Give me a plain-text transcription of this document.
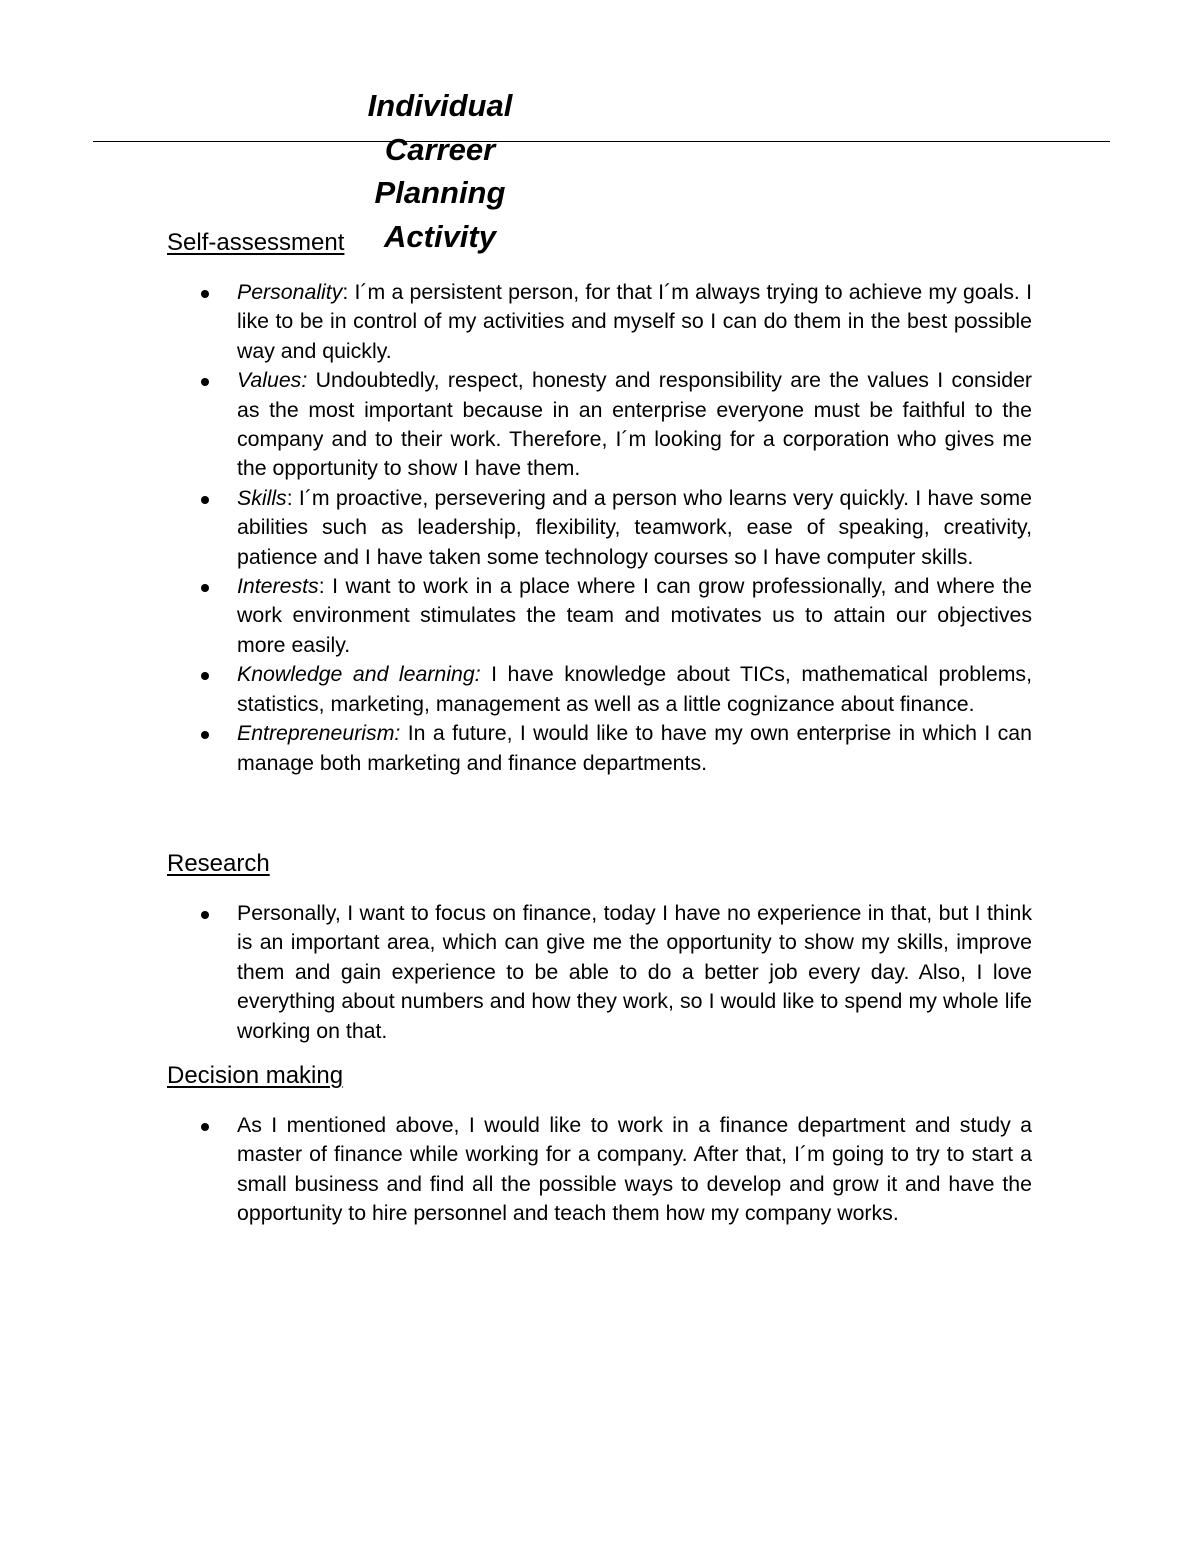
Individual
Carreer
Planning
Activity
Self-assessment
Personality: I´m a persistent person, for that I´m always trying to achieve my goals. I like to be in control of my activities and myself so I can do them in the best possible way and quickly.
Values: Undoubtedly, respect, honesty and responsibility are the values I consider as the most important because in an enterprise everyone must be faithful to the company and to their work. Therefore, I´m looking for a corporation who gives me the opportunity to show I have them.
Skills: I´m proactive, persevering and a person who learns very quickly. I have some abilities such as leadership, flexibility, teamwork, ease of speaking, creativity, patience and I have taken some technology courses so I have computer skills.
Interests: I want to work in a place where I can grow professionally, and where the work environment stimulates the team and motivates us to attain our objectives more easily.
Knowledge and learning: I have knowledge about TICs, mathematical problems, statistics, marketing, management as well as a little cognizance about finance.
Entrepreneurism: In a future, I would like to have my own enterprise in which I can manage both marketing and finance departments.
Research
Personally, I want to focus on finance, today I have no experience in that, but I think is an important area, which can give me the opportunity to show my skills, improve them and gain experience to be able to do a better job every day. Also, I love everything about numbers and how they work, so I would like to spend my whole life working on that.
Decision making
As I mentioned above, I would like to work in a finance department and study a master of finance while working for a company. After that, I´m going to try to start a small business and find all the possible ways to develop and grow it and have the opportunity to hire personnel and teach them how my company works.
